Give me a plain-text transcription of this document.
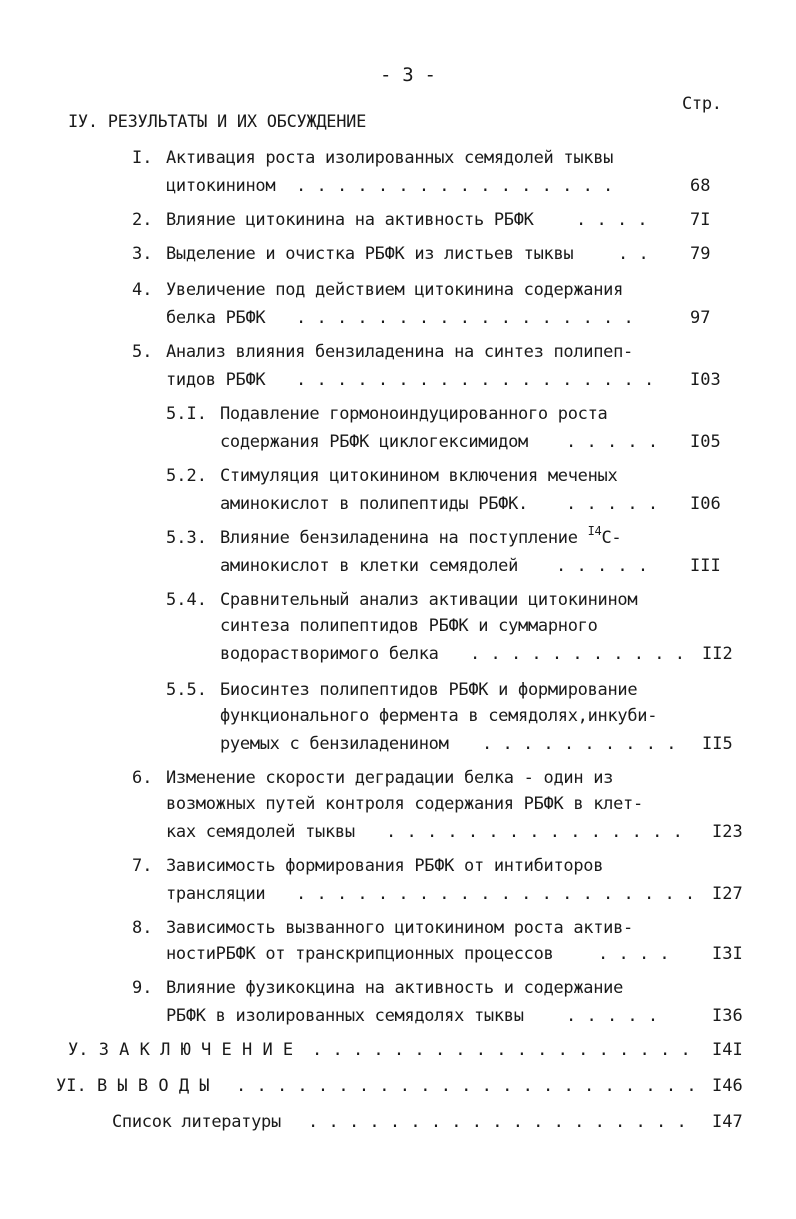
- 3 -
Стр.
IУ. РЕЗУЛЬТАТЫ И ИХ ОБСУЖДЕНИЕ
I. Активация роста изолированных семядолей тыквы
цитокинином . . . . . . . . . . . . . . . .	68
2. Влияние цитокинина на активность РБФК . . . . 7I
3. Выделение и очистка РБФК из листьев тыквы	. . 79
4. Увеличение под действием цитокинина содержания
белка РБФК . . . . . . . . . . . . . . . . .	97
5. Анализ влияния бензиладенина на синтез полипеп-
тидов РБФК . . . . . . . . . . . . . . . . . . I03
5.I. Подавление гормоноиндуцированного роста
содержания РБФК циклогексимидом . . . . . I05
5.2. Стимуляция цитокинином включения меченых
аминокислот в полипептиды РБФК. . . . . . I06
5.3. Влияние бензиладенина на поступление $^{I4}$С-
аминокислот в клетки семядолей . . . . . III
5.4. Сравнительный анализ активации цитокинином
синтеза полипептидов РБФК и суммарного
водорастворимого белка . . . . . . . . . . . II2
5.5. Биосинтез полипептидов РБФК и формирование
функционального фермента в семядолях,инкуби-
руемых с бензиладенином . . . . . . . . . . II5
6. Изменение скорости деградации белка - один из
возможных путей контроля содержания РБФК в клет-
ках семядолей тыквы . . . . . . . . . . . . . . . I23
7. Зависимость формирования РБФК от интибиторов
трансляции . . . . . . . . . . . . . . . . . . . . I27
8. Зависимость вызванного цитокинином роста актив-
ностиРБФК от транскрипционных процессов	. . . . I3I
9. Влияние фузикокцина на активность и содержание
РБФК в изолированных семядолях тыквы . . . . .	I36
У. З А К Л Ю Ч Е Н И Е . . . . . . . . . . . . . . . . . . . I4I
УI. В Ы В О Д Ы . . . . . . . . . . . . . . . . . . . . . . . I46
Список литературы . . . . . . . . . . . . . . . . . . . I47
